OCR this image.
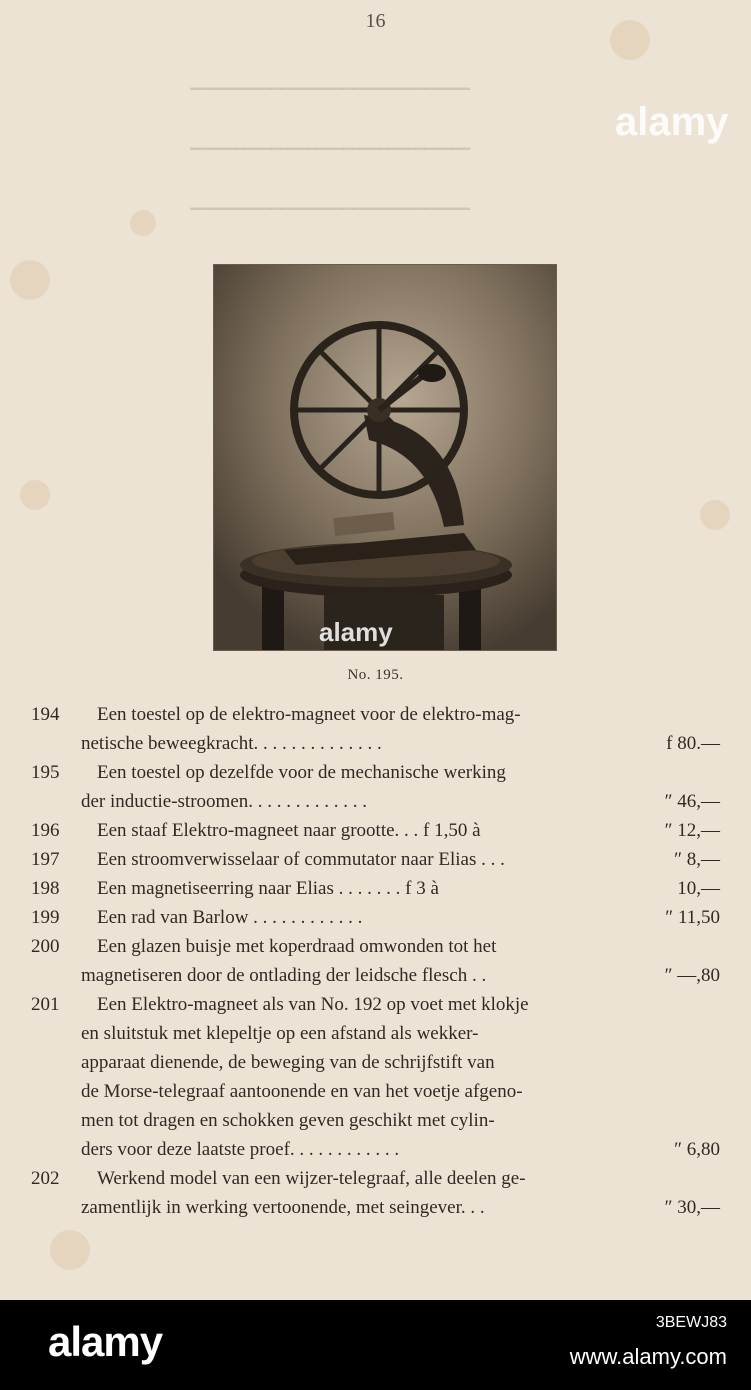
16
━━━━━━━━━━━━━━━━━━━━━━━━━━━━━━━
━━━━━━━━━━━━━━━━━━━━━━━━━━━━━━━
━━━━━━━━━━━━━━━━━━━━━━━━━━━━━━━
alamy
No. 195.
alamy
194 Een toestel op de elektro-magneet voor de elektro-mag-
netische beweegkracht. . . . . . . . . . . . . .	f 80.—
195 Een toestel op dezelfde voor de mechanische werking
der inductie-stroomen. . . . . . . . . . . . .	″ 46,—
196 Een staaf Elektro-magneet naar grootte. . . f 1,50 à	″ 12,—
197 Een stroomverwisselaar of commutator naar Elias . . .	″ 8,—
198 Een magnetiseerring naar Elias . . . . . . . f 3 à	10,—
199 Een rad van Barlow . . . . . . . . . . . .	″ 11,50
200 Een glazen buisje met koperdraad omwonden tot het
magnetiseren door de ontlading der leidsche flesch . .	″ —,80
201 Een Elektro-magneet als van No. 192 op voet met klokje
en sluitstuk met klepeltje op een afstand als wekker-
apparaat dienende, de beweging van de schrijfstift van
de Morse-telegraaf aantoonende en van het voetje afgeno-
men tot dragen en schokken geven geschikt met cylin-
ders voor deze laatste proef. . . . . . . . . . . .	″ 6,80
202 Werkend model van een wijzer-telegraaf, alle deelen ge-
zamentlijk in werking vertoonende, met seingever. . .	″ 30,—
alamy	3BEWJ83
www.alamy.com
